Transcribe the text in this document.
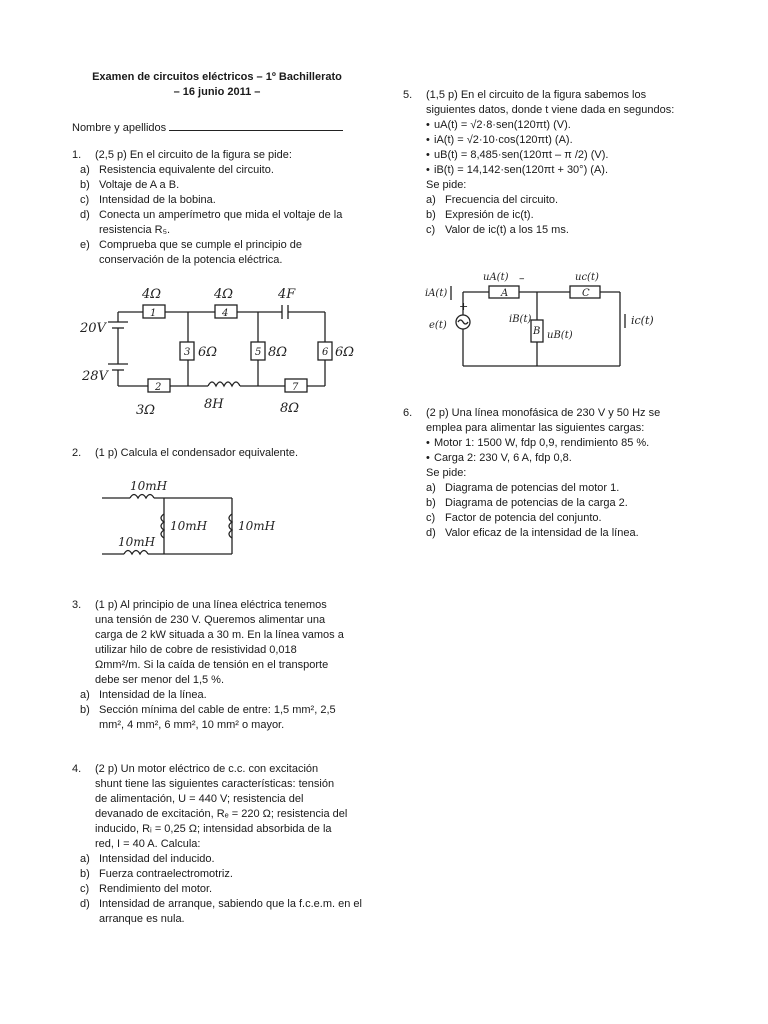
Examen de circuitos eléctricos – 1º Bachillerato

– 16 junio 2011 –

Nombre y apellidos
1.	(2,5 p) En el circuito de la figura se pide:
a) Resistencia equivalente del circuito.
b) Voltaje de A a B.
c) Intensidad de la bobina.
d) Conecta un amperímetro que mida el voltaje de la resistencia R₅.
e) Comprueba que se cumple el principio de conservación de la potencia eléctrica.
20V
28V
4Ω	4Ω	4F
6Ω	8Ω	6Ω
3Ω	8H	8Ω
1	4
3	5	6
2	7
2.	(1 p) Calcula el condensador equivalente.
10mH
10mH
10mH	10mH
3.	(1 p) Al principio de una línea eléctrica tenemos
una tensión de 230 V. Queremos alimentar una
carga de 2 kW situada a 30 m. En la línea vamos a
utilizar hilo de cobre de resistividad 0,018
Ωmm²/m. Si la caída de tensión en el transporte
debe ser menor del 1,5 %.
a) Intensidad de la línea.
b) Sección mínima del cable de entre: 1,5 mm², 2,5 mm², 4 mm², 6 mm², 10 mm² o mayor.
4.	(2 p) Un motor eléctrico de c.c. con excitación
shunt tiene las siguientes características: tensión
de alimentación, U = 440 V; resistencia del
devanado de excitación, Rₑ = 220 Ω; resistencia del
inducido, Rᵢ = 0,25 Ω; intensidad absorbida de la
red, I = 40 A. Calcula:
a) Intensidad del inducido.
b) Fuerza contraelectromotriz.
c) Rendimiento del motor.
d) Intensidad de arranque, sabiendo que la f.c.e.m. en el arranque es nula.
5.	(1,5 p) En el circuito de la figura sabemos los
siguientes datos, donde t viene dada en segundos:
• uA(t) = √2·8·sen(120πt) (V).
• iA(t) = √2·10·cos(120πt) (A).
• uB(t) = 8,485·sen(120πt – π /2) (V).
• iB(t) = 14,142·sen(120πt + 30°) (A).
Se pide:
a) Frecuencia del circuito.
b) Expresión de ic(t).
c) Valor de ic(t) a los 15 ms.
uA(t)	uc(t)
iA(t)
e(t)
iB(t)
uB(t)
ic(t)
A
B
C
+
–
6.	(2 p) Una línea monofásica de 230 V y 50 Hz se
emplea para alimentar las siguientes cargas:
• Motor 1: 1500 W, fdp 0,9, rendimiento 85 %.
• Carga 2: 230 V, 6 A, fdp 0,8.
Se pide:
a) Diagrama de potencias del motor 1.
b) Diagrama de potencias de la carga 2.
c) Factor de potencia del conjunto.
d) Valor eficaz de la intensidad de la línea.
